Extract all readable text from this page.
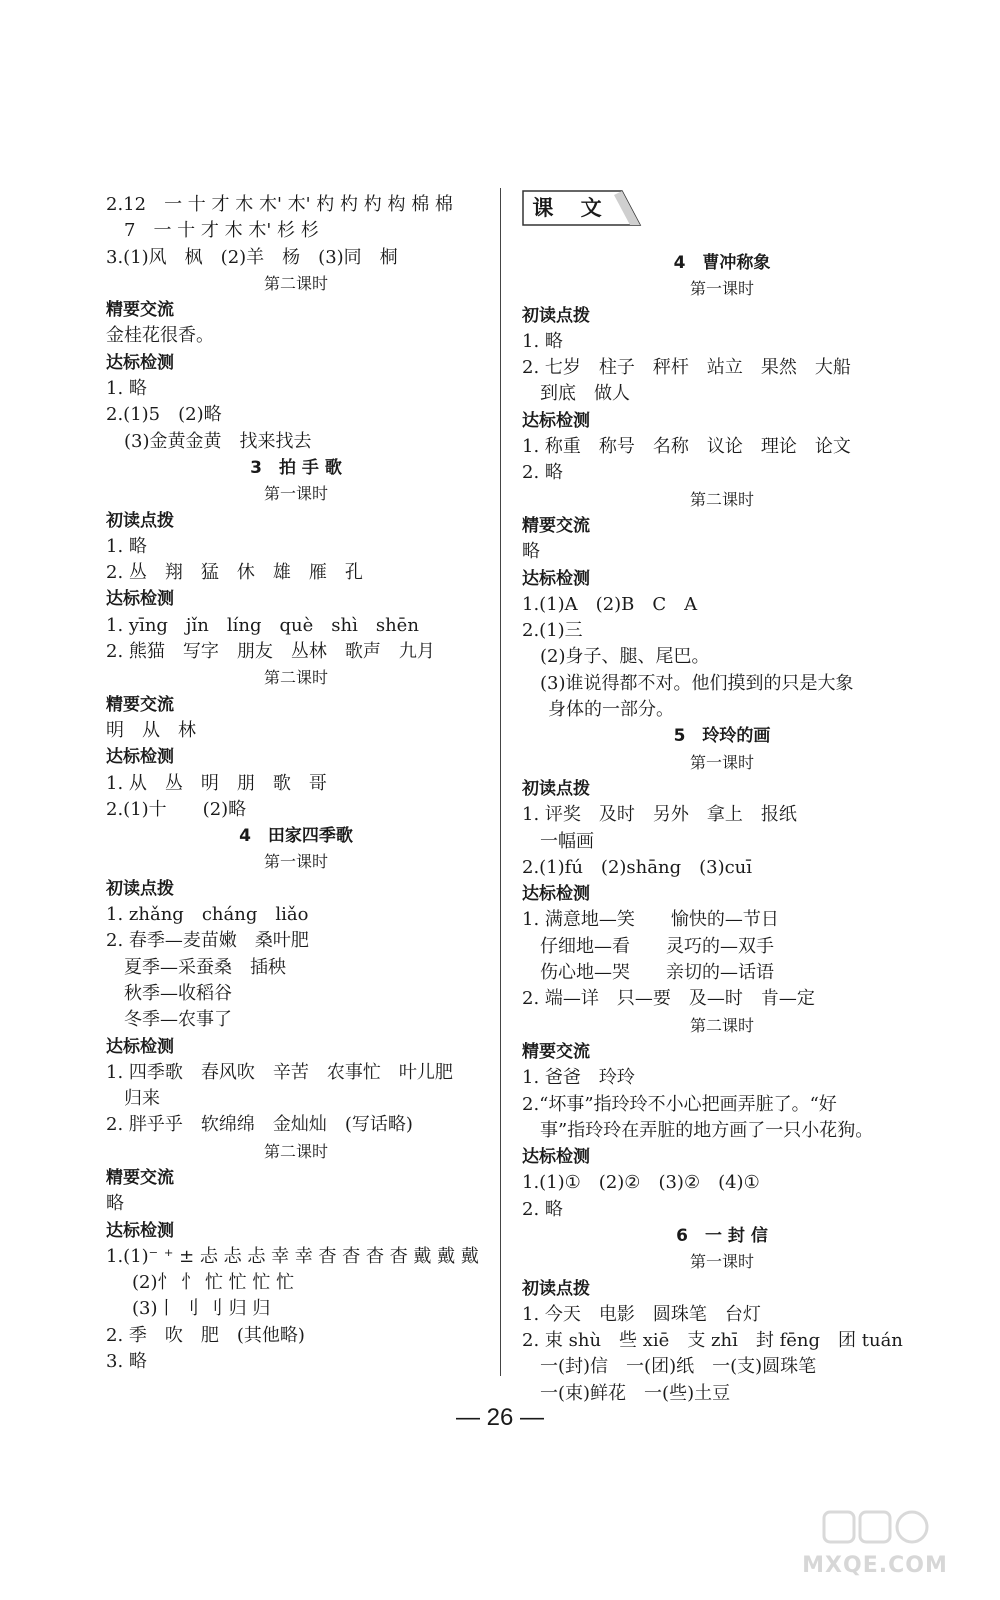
2.12　一 十 才 木 木' 木' 杓 杓 杓 构 棉 棉
7　一 十 才 木 木' 杉 杉
3.(1)风　枫　(2)羊　杨　(3)同　桐
第二课时
精要交流
金桂花很香。
达标检测
1. 略
2.(1)5　(2)略
(3)金黄金黄　找来找去
3　拍 手 歌
第一课时
初读点拨
1. 略
2. 丛　翔　猛　休　雄　雁　孔
达标检测
1. yīng　jǐn　líng　què　shì　shēn
2. 熊猫　写字　朋友　丛林　歌声　九月
第二课时
精要交流
明　从　林
达标检测
1. 从　丛　明　朋　歌　哥
2.(1)十　　(2)略
4　田家四季歌
第一课时
初读点拨
1. zhǎng　cháng　liǎo
2. 春季—麦苗嫩　桑叶肥
夏季—采蚕桑　插秧
秋季—收稻谷
冬季—农事了
达标检测
1. 四季歌　春风吹　辛苦　农事忙　叶儿肥
归来
2. 胖乎乎　软绵绵　金灿灿　(写话略)
第二课时
精要交流
略
达标检测
1.(1)⁻ ⁺ ± 忐 忐 忐 幸 幸 杳 杳 杳 杳 戴 戴 戴
(2)忄 忄 忙 忙 忙 忙
(3)丨 刂 刂 归 归
2. 季　吹　肥　(其他略)
3. 略
课 文
4　曹冲称象
第一课时
初读点拨
1. 略
2. 七岁　柱子　秤杆　站立　果然　大船
到底　做人
达标检测
1. 称重　称号　名称　议论　理论　论文
2. 略
第二课时
精要交流
略
达标检测
1.(1)A　(2)B　C　A
2.(1)三
(2)身子、腿、尾巴。
(3)谁说得都不对。他们摸到的只是大象
身体的一部分。
5　玲玲的画
第一课时
初读点拨
1. 评奖　及时　另外　拿上　报纸
一幅画
2.(1)fú　(2)shāng　(3)cuī
达标检测
1. 满意地—笑　　愉快的—节日
仔细地—看　　灵巧的—双手
伤心地—哭　　亲切的—话语
2. 端—详　只—要　及—时　肯—定
第二课时
精要交流
1. 爸爸　玲玲
2.“坏事”指玲玲不小心把画弄脏了。“好
事”指玲玲在弄脏的地方画了一只小花狗。
达标检测
1.(1)①　(2)②　(3)②　(4)①
2. 略
6　一 封 信
第一课时
初读点拨
1. 今天　电影　圆珠笔　台灯
2. 束 shù　些 xiē　支 zhī　封 fēng　团 tuán
一(封)信　一(团)纸　一(支)圆珠笔
一(束)鲜花　一(些)土豆
— 26 —
MXQE.COM
